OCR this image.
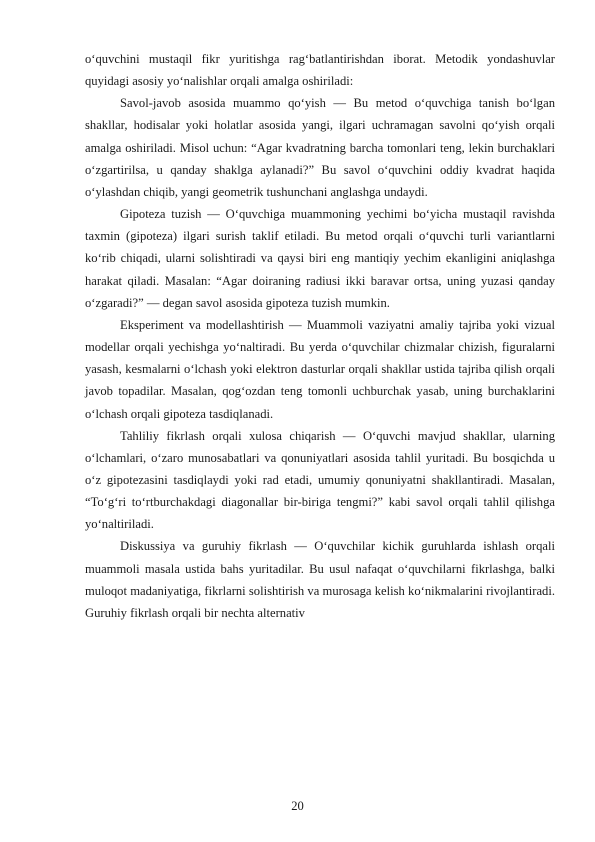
o‘quvchini mustaqil fikr yuritishga rag‘batlantirishdan iborat. Metodik yondashuvlar quyidagi asosiy yo‘nalishlar orqali amalga oshiriladi:

Savol-javob asosida muammo qo‘yish — Bu metod o‘quvchiga tanish bo‘lgan shakllar, hodisalar yoki holatlar asosida yangi, ilgari uchramagan savolni qo‘yish orqali amalga oshiriladi. Misol uchun: “Agar kvadratning barcha tomonlari teng, lekin burchaklari o‘zgartirilsa, u qanday shaklga aylanadi?” Bu savol o‘quvchini oddiy kvadrat haqida o‘ylashdan chiqib, yangi geometrik tushunchani anglashga undaydi.

Gipoteza tuzish — O‘quvchiga muammoning yechimi bo‘yicha mustaqil ravishda taxmin (gipoteza) ilgari surish taklif etiladi. Bu metod orqali o‘quvchi turli variantlarni ko‘rib chiqadi, ularni solishtiradi va qaysi biri eng mantiqiy yechim ekanligini aniqlashga harakat qiladi. Masalan: “Agar doiraning radiusi ikki baravar ortsa, uning yuzasi qanday o‘zgaradi?” — degan savol asosida gipoteza tuzish mumkin.

Eksperiment va modellashtirish — Muammoli vaziyatni amaliy tajriba yoki vizual modellar orqali yechishga yo‘naltiradi. Bu yerda o‘quvchilar chizmalar chizish, figuralarni yasash, kesmalarni o‘lchash yoki elektron dasturlar orqali shakllar ustida tajriba qilish orqali javob topadilar. Masalan, qog‘ozdan teng tomonli uchburchak yasab, uning burchaklarini o‘lchash orqali gipoteza tasdiqlanadi.

Tahliliy fikrlash orqali xulosa chiqarish — O‘quvchi mavjud shakllar, ularning o‘lchamlari, o‘zaro munosabatlari va qonuniyatlari asosida tahlil yuritadi. Bu bosqichda u o‘z gipotezasini tasdiqlaydi yoki rad etadi, umumiy qonuniyatni shakllantiradi. Masalan, “To‘g‘ri to‘rtburchakdagi diagonallar bir-biriga tengmi?” kabi savol orqali tahlil qilishga yo‘naltiriladi.

Diskussiya va guruhiy fikrlash — O‘quvchilar kichik guruhlarda ishlash orqali muammoli masala ustida bahs yuritadilar. Bu usul nafaqat o‘quvchilarni fikrlashga, balki muloqot madaniyatiga, fikrlarni solishtirish va murosaga kelish ko‘nikmalarini rivojlantiradi. Guruhiy fikrlash orqali bir nechta alternativ

20
